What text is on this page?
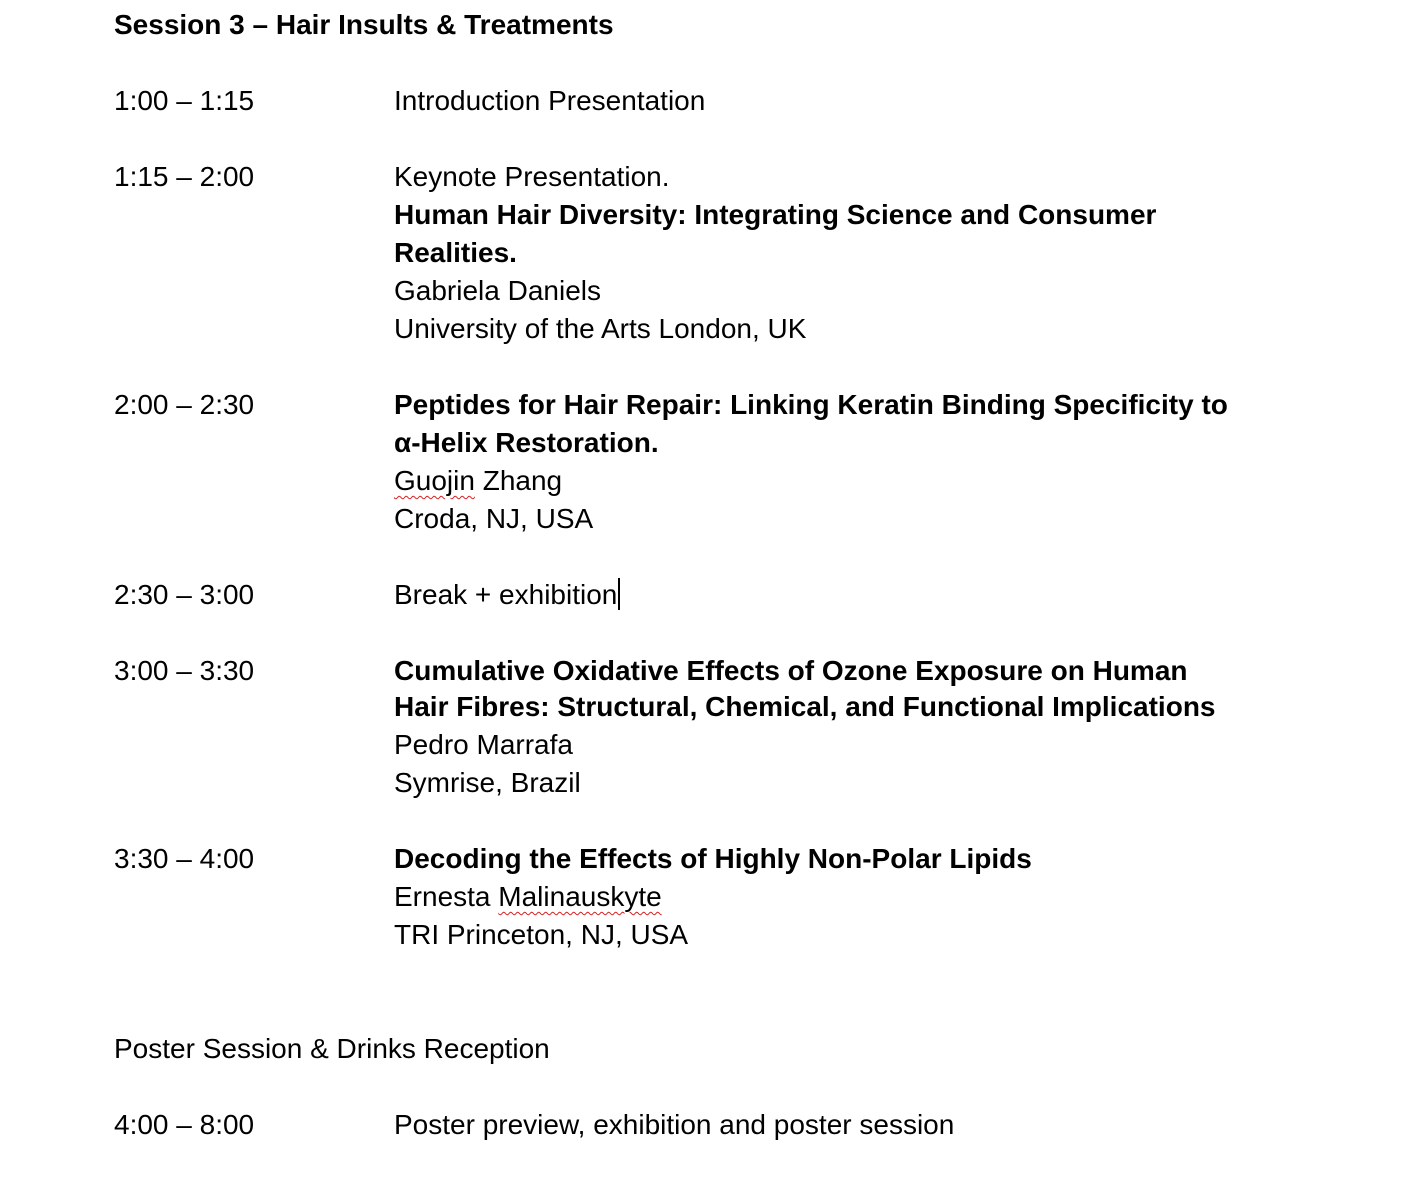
Session 3 – Hair Insults & Treatments
1:00 – 1:15	Introduction Presentation
1:15 – 2:00	Keynote Presentation.
Human Hair Diversity: Integrating Science and Consumer
Realities.
Gabriela Daniels
University of the Arts London, UK
2:00 – 2:30	Peptides for Hair Repair: Linking Keratin Binding Specificity to
α-Helix Restoration.
Guojin Zhang
Croda, NJ, USA
2:30 – 3:00	Break + exhibition
3:00 – 3:30	Cumulative Oxidative Effects of Ozone Exposure on Human
Hair Fibres: Structural, Chemical, and Functional Implications
Pedro Marrafa
Symrise, Brazil
3:30 – 4:00	Decoding the Effects of Highly Non-Polar Lipids
Ernesta Malinauskyte
TRI Princeton, NJ, USA
Poster Session & Drinks Reception
4:00 – 8:00	Poster preview, exhibition and poster session
